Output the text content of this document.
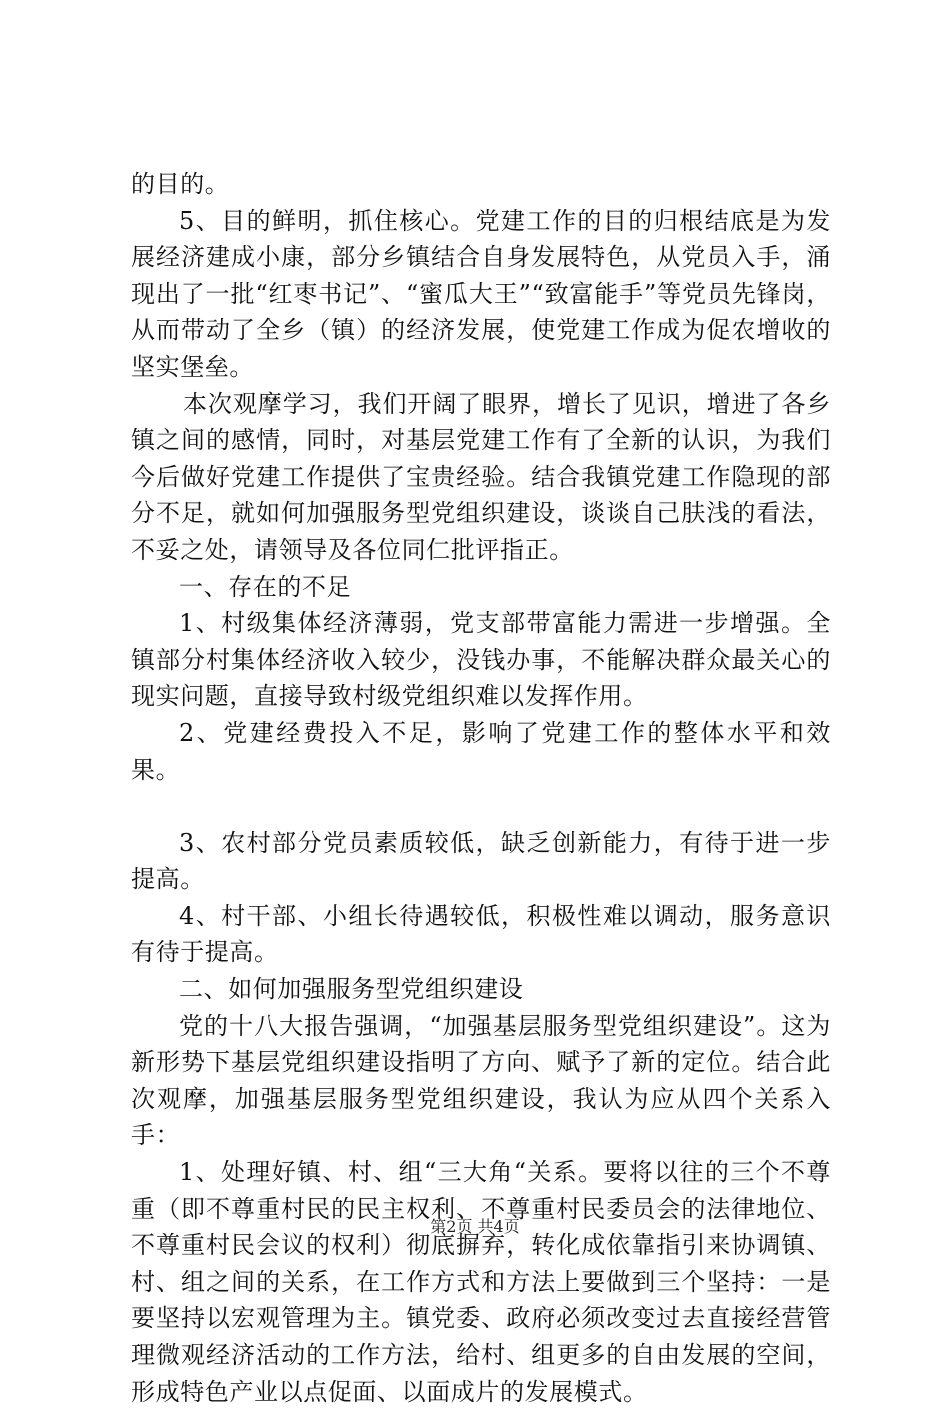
的目的。

5、目的鲜明，抓住核心。党建工作的目的归根结底是为发展经济建成小康，部分乡镇结合自身发展特色，从党员入手，涌现出了一批“红枣书记”、“蜜瓜大王”“致富能手”等党员先锋岗，从而带动了全乡（镇）的经济发展，使党建工作成为促农增收的坚实堡垒。

本次观摩学习，我们开阔了眼界，增长了见识，增进了各乡镇之间的感情，同时，对基层党建工作有了全新的认识，为我们今后做好党建工作提供了宝贵经验。结合我镇党建工作隐现的部分不足，就如何加强服务型党组织建设，谈谈自己肤浅的看法，不妥之处，请领导及各位同仁批评指正。

一、存在的不足

1、村级集体经济薄弱，党支部带富能力需进一步增强。全镇部分村集体经济收入较少，没钱办事，不能解决群众最关心的现实问题，直接导致村级党组织难以发挥作用。

2、党建经费投入不足，影响了党建工作的整体水平和效果。

3、农村部分党员素质较低，缺乏创新能力，有待于进一步提高。

4、村干部、小组长待遇较低，积极性难以调动，服务意识有待于提高。

二、如何加强服务型党组织建设

党的十八大报告强调，“加强基层服务型党组织建设”。这为新形势下基层党组织建设指明了方向、赋予了新的定位。结合此次观摩，加强基层服务型党组织建设，我认为应从四个关系入手：

1、处理好镇、村、组“三大角“关系。要将以往的三个不尊重（即不尊重村民的民主权利、不尊重村民委员会的法律地位、不尊重村民会议的权利）彻底摒弃，转化成依靠指引来协调镇、村、组之间的关系，在工作方式和方法上要做到三个坚持：一是要坚持以宏观管理为主。镇党委、政府必须改变过去直接经营管理微观经济活动的工作方法，给村、组更多的自由发展的空间，形成特色产业以点促面、以面成片的发展模式。

第2页 共4页
